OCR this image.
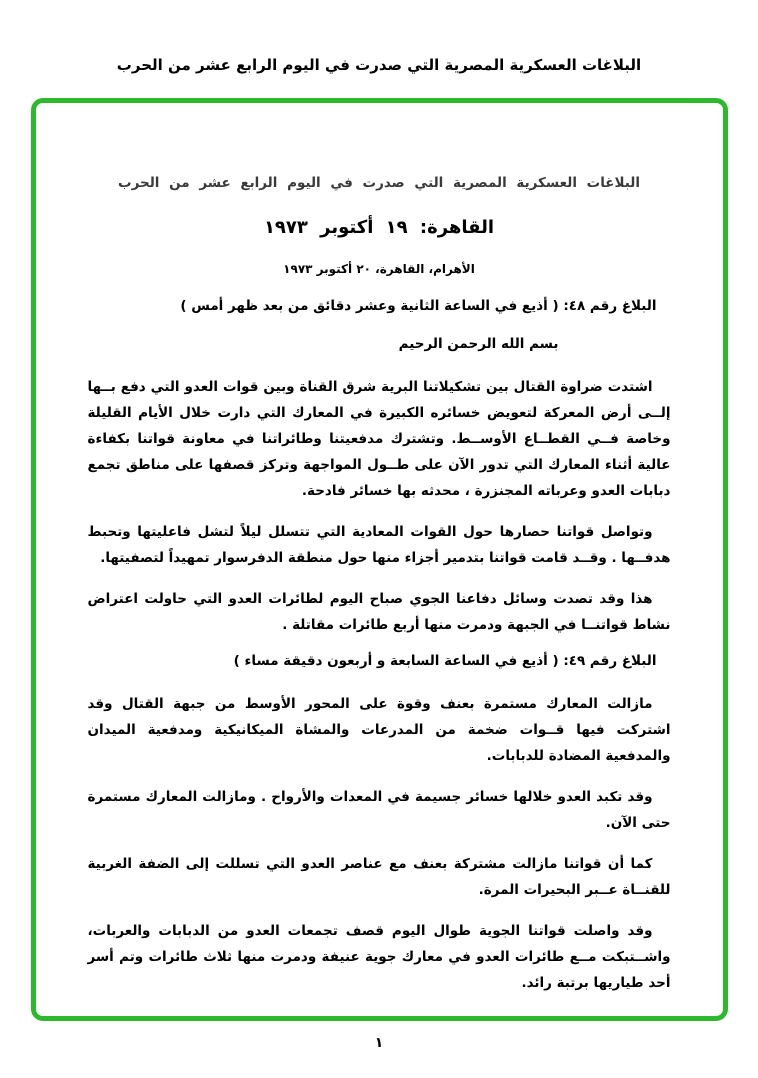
البلاغات العسكرية المصرية التي صدرت في اليوم الرابع عشر من الحرب
البلاغات العسكرية المصرية التي صدرت في اليوم الرابع عشر من الحرب
القاهرة: ١٩ أكتوبر ١٩٧٣
الأهرام، القاهرة، ٢٠ أكتوبر ١٩٧٣
البلاغ رقم ٤٨: ( أذيع في الساعة الثانية وعشر دقائق من بعد ظهر أمس )
بسم الله الرحمن الرحيم

اشتدت ضراوة القتال بين تشكيلاتنا البرية شرق القناة وبين قوات العدو التي دفع بــها إلــى أرض المعركة لتعويض خسائره الكبيرة في المعارك التي دارت خلال الأيام القليلة وخاصة فــي القطــاع الأوســط. وتشترك مدفعيتنا وطائراتنا في معاونة قواتنا بكفاءة عالية أثناء المعارك التي تدور الآن على طــول المواجهة وتركز قصفها على مناطق تجمع دبابات العدو وعرباته المجنزرة ، محدثه بها خسائر فادحة.

وتواصل قواتنا حصارها حول القوات المعادية التي تتسلل ليلاً لتشل فاعليتها وتحبط هدفــها . وقــد قامت قواتنا بتدمير أجزاء منها حول منطقة الدفرسوار تمهيداً لتصفيتها.

هذا وقد تصدت وسائل دفاعنا الجوي صباح اليوم لطائرات العدو التي حاولت اعتراض نشاط قواتنــا في الجبهة ودمرت منها أربع طائرات مقاتلة .

البلاغ رقم ٤٩: ( أذيع في الساعة السابعة و أربعون دقيقة مساء )

مازالت المعارك مستمرة بعنف وقوة على المحور الأوسط من جبهة القتال وقد اشتركت فيها قــوات ضخمة من المدرعات والمشاة الميكانيكية ومدفعية الميدان والمدفعية المضادة للدبابات.

وقد تكبد العدو خلالها خسائر جسيمة في المعدات والأرواح . ومازالت المعارك مستمرة حتى الآن.

كما أن قواتنا مازالت مشتركة بعنف مع عناصر العدو التي تسللت إلى الضفة الغربية للقنــاة عــبر البحيرات المرة.

وقد واصلت قواتنا الجوية طوال اليوم قصف تجمعات العدو من الدبابات والعربات، واشــتبكت مــع طائرات العدو في معارك جوية عنيفة ودمرت منها ثلاث طائرات وتم أسر أحد طياريها برتبة رائد.

١
